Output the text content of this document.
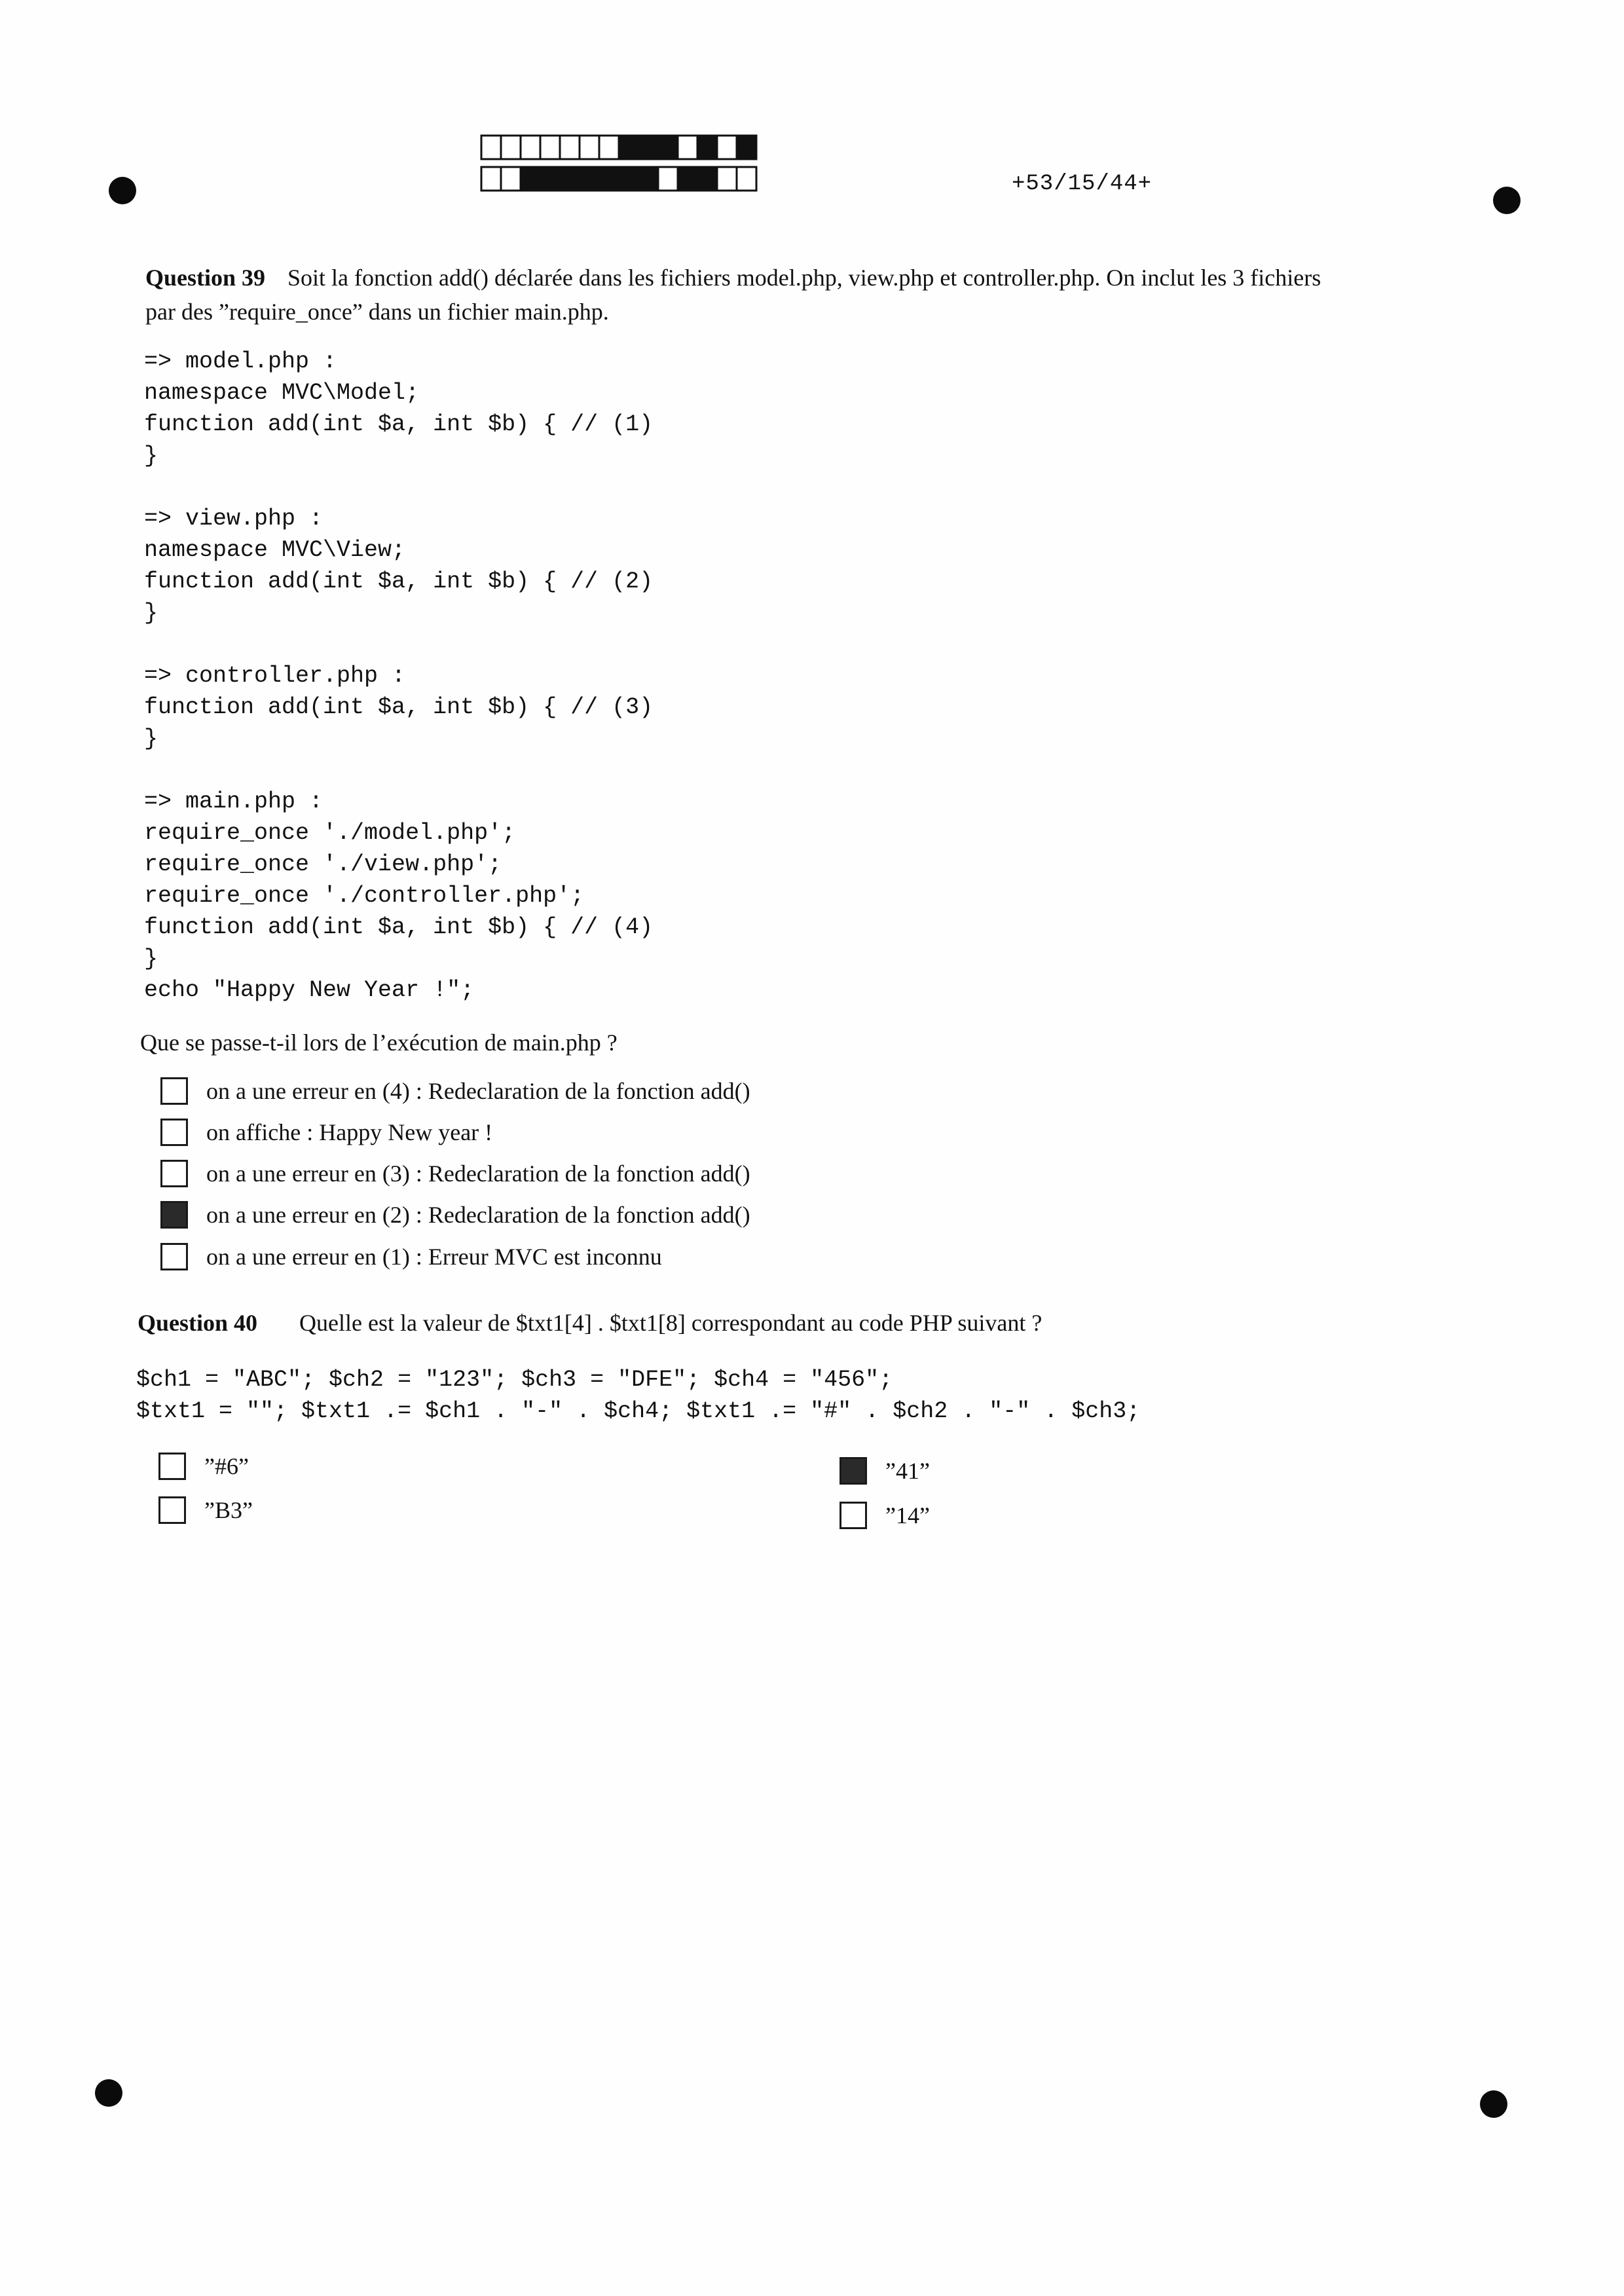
+53/15/44+
Question 39 Soit la fonction add() déclarée dans les fichiers model.php, view.php et controller.php. On inclut les 3 fichiers
par des ”require_once” dans un fichier main.php.
=> model.php :
namespace MVC\Model;
function add(int $a, int $b) { // (1)
}

=> view.php :
namespace MVC\View;
function add(int $a, int $b) { // (2)
}

=> controller.php :
function add(int $a, int $b) { // (3)
}

=> main.php :
require_once './model.php';
require_once './view.php';
require_once './controller.php';
function add(int $a, int $b) { // (4)
}
echo "Happy New Year !";
Que se passe-t-il lors de l’exécution de main.php ?
on a une erreur en (4) : Redeclaration de la fonction add()
on affiche : Happy New year !
on a une erreur en (3) : Redeclaration de la fonction add()
on a une erreur en (2) : Redeclaration de la fonction add()
on a une erreur en (1) : Erreur MVC est inconnu
Question 40 Quelle est la valeur de $txt1[4] . $txt1[8] correspondant au code PHP suivant ?
$ch1 = "ABC"; $ch2 = "123"; $ch3 = "DFE"; $ch4 = "456";
$txt1 = ""; $txt1 .= $ch1 . "-" . $ch4; $txt1 .= "#" . $ch2 . "-" . $ch3;
”#6”
”B3”
”41”
”14”
